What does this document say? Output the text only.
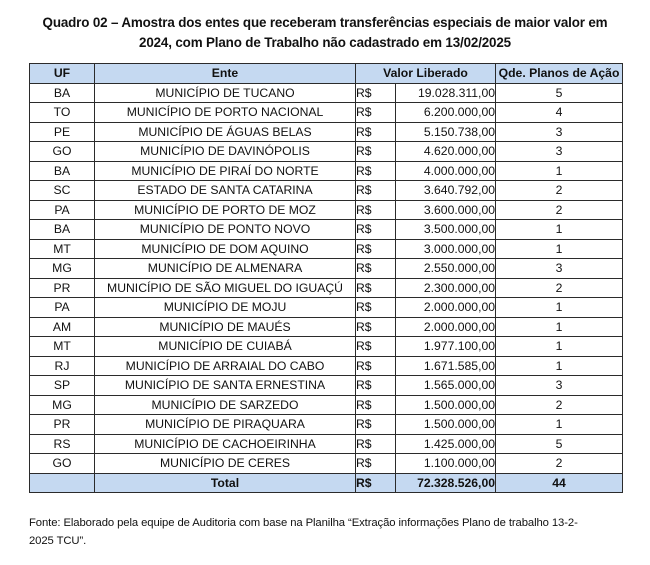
Quadro 02 – Amostra dos entes que receberam transferências especiais de maior valor em
2024, com Plano de Trabalho não cadastrado em 13/02/2025
UF	Ente	Valor Liberado		Qde. Planos de Ação
BA	MUNICÍPIO DE TUCANO	R$	19.028.311,00	5
TO	MUNICÍPIO DE PORTO NACIONAL	R$	6.200.000,00	4
PE	MUNICÍPIO DE ÁGUAS BELAS	R$	5.150.738,00	3
GO	MUNICÍPIO DE DAVINÓPOLIS	R$	4.620.000,00	3
BA	MUNICÍPIO DE PIRAÍ DO NORTE	R$	4.000.000,00	1
SC	ESTADO DE SANTA CATARINA	R$	3.640.792,00	2
PA	MUNICÍPIO DE PORTO DE MOZ	R$	3.600.000,00	2
BA	MUNICÍPIO DE PONTO NOVO	R$	3.500.000,00	1
MT	MUNICÍPIO DE DOM AQUINO	R$	3.000.000,00	1
MG	MUNICÍPIO DE ALMENARA	R$	2.550.000,00	3
PR	MUNICÍPIO DE SÃO MIGUEL DO IGUAÇÚ	R$	2.300.000,00	2
PA	MUNICÍPIO DE MOJU	R$	2.000.000,00	1
AM	MUNICÍPIO DE MAUÉS	R$	2.000.000,00	1
MT	MUNICÍPIO DE CUIABÁ	R$	1.977.100,00	1
RJ	MUNICÍPIO DE ARRAIAL DO CABO	R$	1.671.585,00	1
SP	MUNICÍPIO DE SANTA ERNESTINA	R$	1.565.000,00	3
MG	MUNICÍPIO DE SARZEDO	R$	1.500.000,00	2
PR	MUNICÍPIO DE PIRAQUARA	R$	1.500.000,00	1
RS	MUNICÍPIO DE CACHOEIRINHA	R$	1.425.000,00	5
GO	MUNICÍPIO DE CERES	R$	1.100.000,00	2
	Total	R$	72.328.526,00	44
Fonte: Elaborado pela equipe de Auditoria com base na Planilha “Extração informações Plano de trabalho 13-2-
2025 TCU”.
